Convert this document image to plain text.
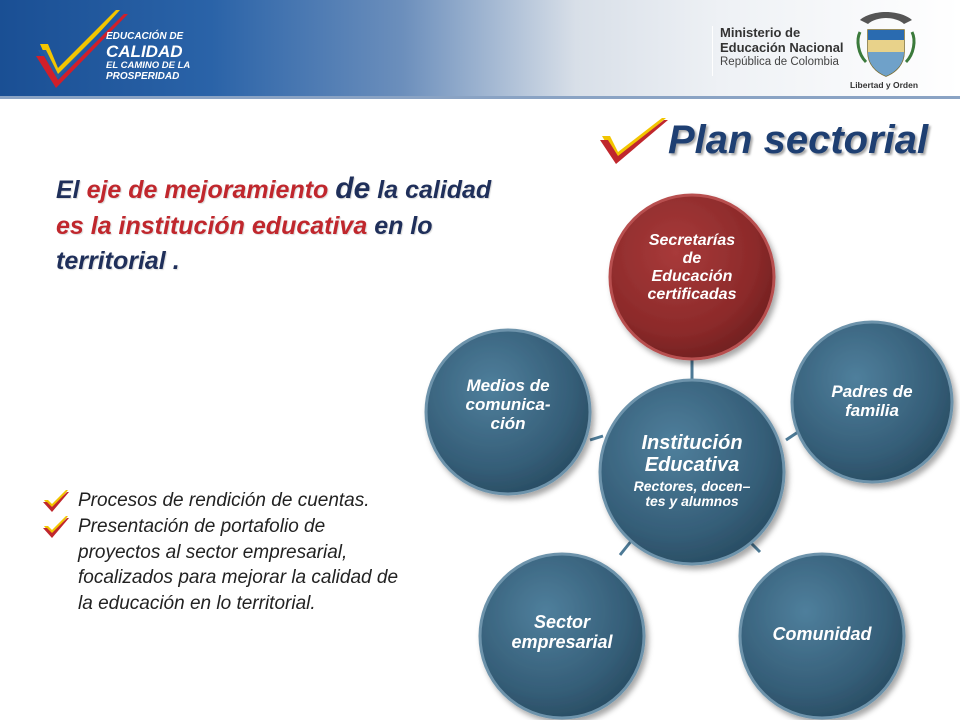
EDUCACIÓN DE
CALIDAD
EL CAMINO DE LA
PROSPERIDAD
Ministerio de
Educación Nacional
República de Colombia
Libertad y Orden
Plan sectorial
El eje de mejoramiento de la calidad es la institución educativa en lo territorial .
Procesos de rendición de cuentas.
Presentación de portafolio de proyectos al sector empresarial, focalizados para mejorar la calidad de la educación en lo territorial.
Secretarías
de
Educación
certificadas
Medios de
comunica-
ción
Padres de
familia
Institución
Educativa
Rectores, docen–
tes y alumnos
Sector
empresarial	Comunidad
